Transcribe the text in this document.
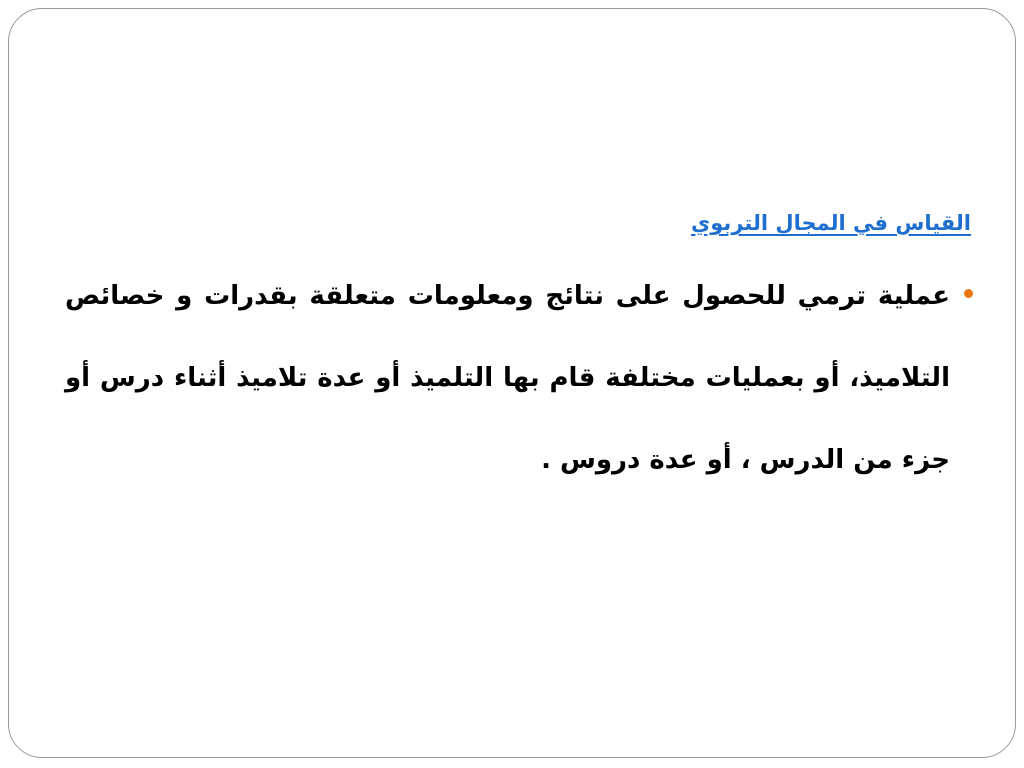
القياس في المجال التربوي
عملية ترمي للحصول على نتائج ومعلومات متعلقة بقدرات و خصائص التلاميذ، أو بعمليات مختلفة قام بها التلميذ أو عدة تلاميذ أثناء درس أو جزء من الدرس ، أو عدة دروس .
